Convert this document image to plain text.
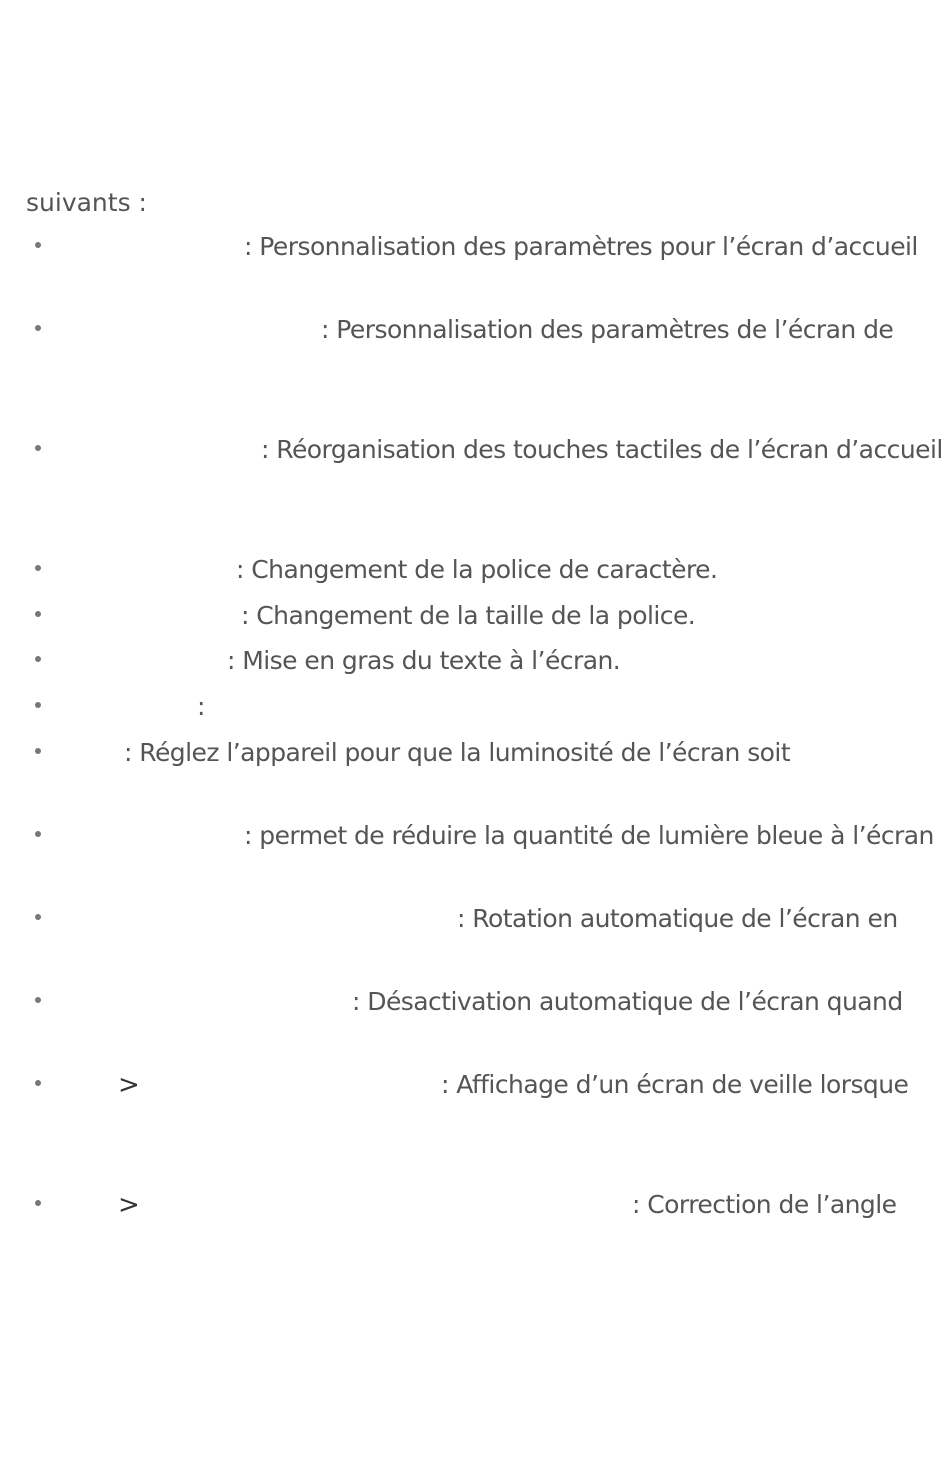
suivants :
: Personnalisation des paramètres pour l’écran d’accueil
: Personnalisation des paramètres de l’écran de
: Réorganisation des touches tactiles de l’écran d’accueil
: Changement de la police de caractère.
: Changement de la taille de la police.
: Mise en gras du texte à l’écran.
:
: Réglez l’appareil pour que la luminosité de l’écran soit
: permet de réduire la quantité de lumière bleue à l’écran
: Rotation automatique de l’écran en
: Désactivation automatique de l’écran quand
>	: Affichage d’un écran de veille lorsque
>	: Correction de l’angle
